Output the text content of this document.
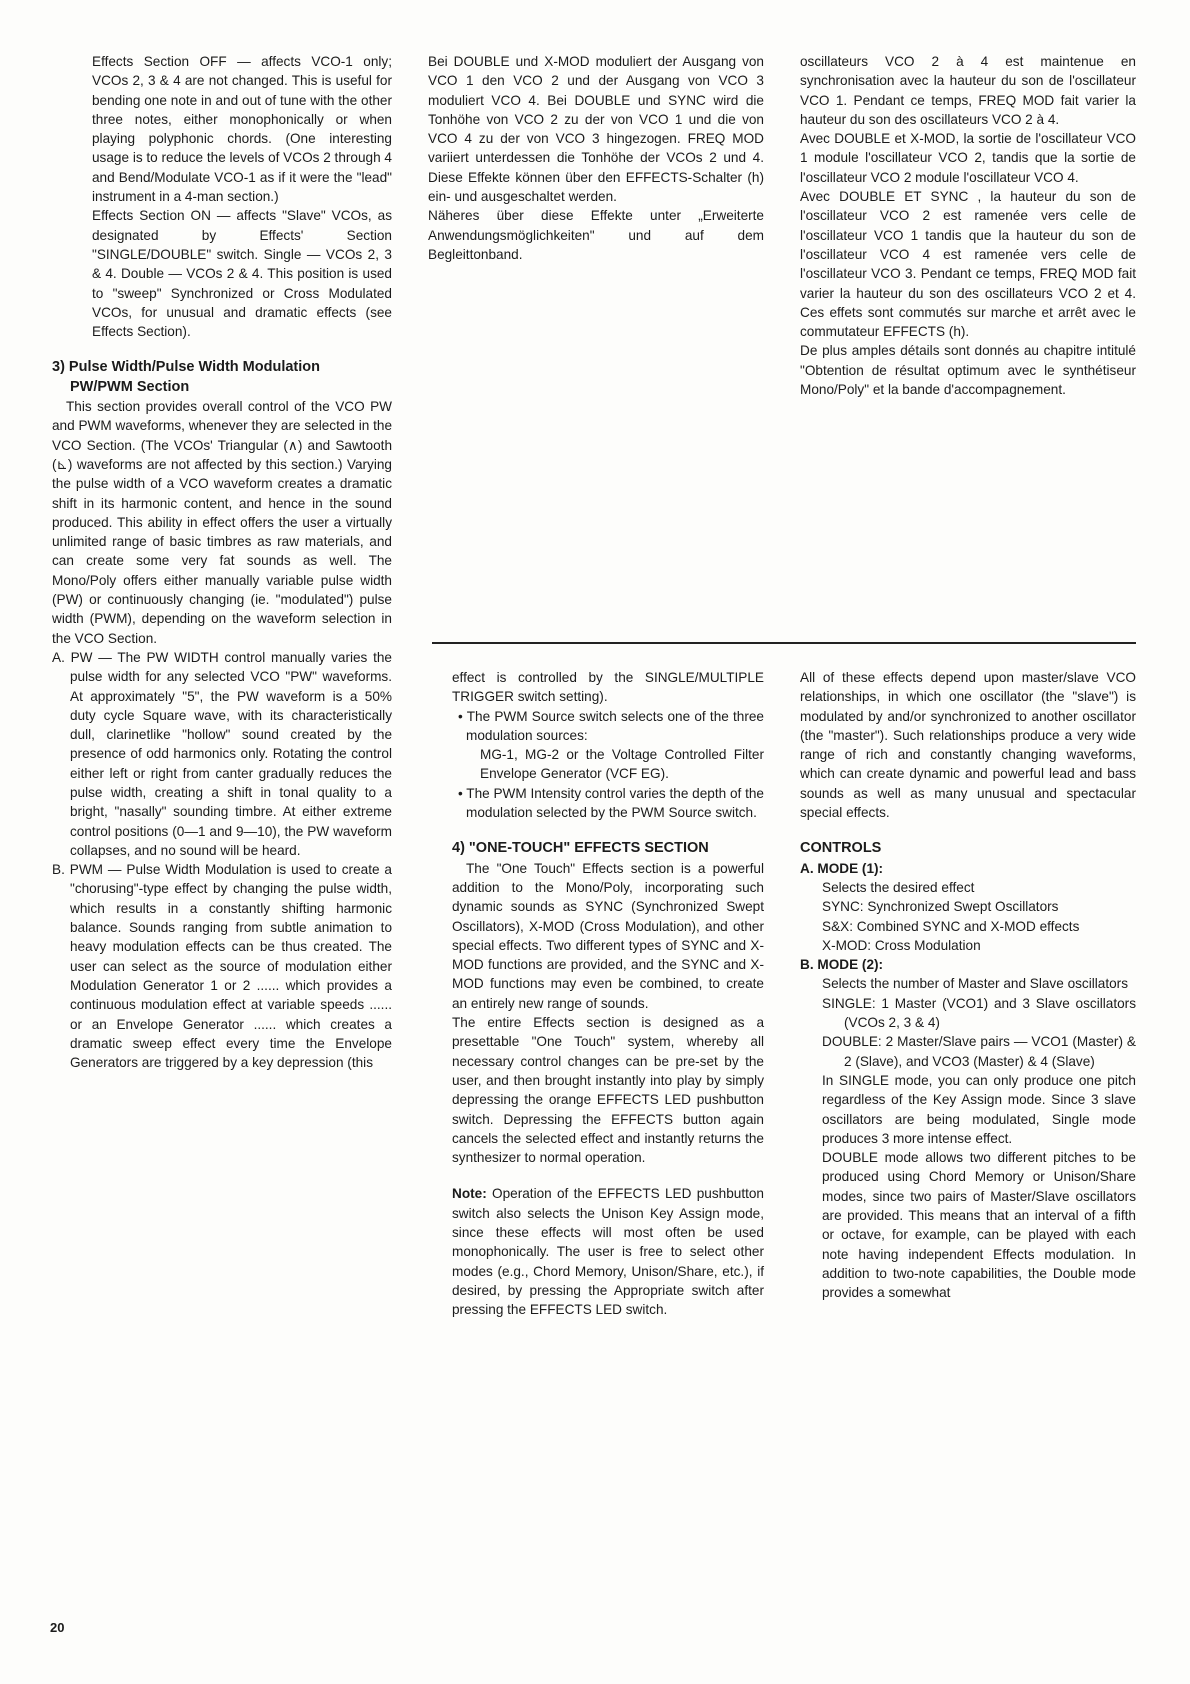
Effects Section OFF — affects VCO-1 only; VCOs 2, 3 & 4 are not changed. This is useful for bending one note in and out of tune with the other three notes, either monophonically or when playing polyphonic chords. (One interesting usage is to reduce the levels of VCOs 2 through 4 and Bend/Modulate VCO-1 as if it were the "lead" instrument in a 4-man section.)

Effects Section ON — affects "Slave" VCOs, as designated by Effects' Section "SINGLE/DOUBLE" switch. Single — VCOs 2, 3 & 4. Double — VCOs 2 & 4. This position is used to "sweep" Synchronized or Cross Modulated VCOs, for unusual and dramatic effects (see Effects Section).

3) Pulse Width/Pulse Width Modulation

PW/PWM Section

This section provides overall control of the VCO PW and PWM waveforms, whenever they are selected in the VCO Section. (The VCOs' Triangular (∧) and Sawtooth (⊾) waveforms are not affected by this section.) Varying the pulse width of a VCO waveform creates a dramatic shift in its harmonic content, and hence in the sound produced. This ability in effect offers the user a virtually unlimited range of basic timbres as raw materials, and can create some very fat sounds as well. The Mono/Poly offers either manually variable pulse width (PW) or continuously changing (ie. "modulated") pulse width (PWM), depending on the waveform selection in the VCO Section.

A. PW — The PW WIDTH control manually varies the pulse width for any selected VCO "PW" waveforms. At approximately "5", the PW waveform is a 50% duty cycle Square wave, with its characteristically dull, clarinetlike "hollow" sound created by the presence of odd harmonics only. Rotating the control either left or right from canter gradually reduces the pulse width, creating a shift in tonal quality to a bright, "nasally" sounding timbre. At either extreme control positions (0—1 and 9—10), the PW waveform collapses, and no sound will be heard.

B. PWM — Pulse Width Modulation is used to create a "chorusing"-type effect by changing the pulse width, which results in a constantly shifting harmonic balance. Sounds ranging from subtle animation to heavy modulation effects can be thus created. The user can select as the source of modulation either Modulation Generator 1 or 2 ...... which provides a continuous modulation effect at variable speeds ...... or an Envelope Generator ...... which creates a dramatic sweep effect every time the Envelope Generators are triggered by a key depression (this

Bei DOUBLE und X-MOD moduliert der Ausgang von VCO 1 den VCO 2 und der Ausgang von VCO 3 moduliert VCO 4. Bei DOUBLE und SYNC wird die Tonhöhe von VCO 2 zu der von VCO 1 und die von VCO 4 zu der von VCO 3 hingezogen. FREQ MOD variiert unterdessen die Tonhöhe der VCOs 2 und 4. Diese Effekte können über den EFFECTS-Schalter (h) ein- und ausgeschaltet werden.

Näheres über diese Effekte unter „Erweiterte Anwendungsmöglichkeiten" und auf dem Begleittonband.

oscillateurs VCO 2 à 4 est maintenue en synchronisation avec la hauteur du son de l'oscillateur VCO 1. Pendant ce temps, FREQ MOD fait varier la hauteur du son des oscillateurs VCO 2 à 4.

Avec DOUBLE et X-MOD, la sortie de l'oscillateur VCO 1 module l'oscillateur VCO 2, tandis que la sortie de l'oscillateur VCO 2 module l'oscillateur VCO 4.

Avec DOUBLE ET SYNC , la hauteur du son de l'oscillateur VCO 2 est ramenée vers celle de l'oscillateur VCO 1 tandis que la hauteur du son de l'oscillateur VCO 4 est ramenée vers celle de l'oscillateur VCO 3. Pendant ce temps, FREQ MOD fait varier la hauteur du son des oscillateurs VCO 2 et 4. Ces effets sont commutés sur marche et arrêt avec le commutateur EFFECTS (h).

De plus amples détails sont donnés au chapitre intitulé "Obtention de résultat optimum avec le synthétiseur Mono/Poly" et la bande d'accompagnement.

effect is controlled by the SINGLE/MULTIPLE TRIGGER switch setting).

• The PWM Source switch selects one of the three modulation sources:

MG-1, MG-2 or the Voltage Controlled Filter Envelope Generator (VCF EG).

• The PWM Intensity control varies the depth of the modulation selected by the PWM Source switch.

4) "ONE-TOUCH" EFFECTS SECTION

The "One Touch" Effects section is a powerful addition to the Mono/Poly, incorporating such dynamic sounds as SYNC (Synchronized Swept Oscillators), X-MOD (Cross Modulation), and other special effects. Two different types of SYNC and X-MOD functions are provided, and the SYNC and X-MOD functions may even be combined, to create an entirely new range of sounds.

The entire Effects section is designed as a presettable "One Touch" system, whereby all necessary control changes can be pre-set by the user, and then brought instantly into play by simply depressing the orange EFFECTS LED pushbutton switch. Depressing the EFFECTS button again cancels the selected effect and instantly returns the synthesizer to normal operation.

Note: Operation of the EFFECTS LED pushbutton switch also selects the Unison Key Assign mode, since these effects will most often be used monophonically. The user is free to select other modes (e.g., Chord Memory, Unison/Share, etc.), if desired, by pressing the Appropriate switch after pressing the EFFECTS LED switch.

All of these effects depend upon master/slave VCO relationships, in which one oscillator (the "slave") is modulated by and/or synchronized to another oscillator (the "master"). Such relationships produce a very wide range of rich and constantly changing waveforms, which can create dynamic and powerful lead and bass sounds as well as many unusual and spectacular special effects.

CONTROLS

A. MODE (1):

Selects the desired effect

SYNC: Synchronized Swept Oscillators

S&X: Combined SYNC and X-MOD effects

X-MOD: Cross Modulation

B. MODE (2):

Selects the number of Master and Slave oscillators

SINGLE: 1 Master (VCO1) and 3 Slave oscillators (VCOs 2, 3 & 4)

DOUBLE: 2 Master/Slave pairs — VCO1 (Master) & 2 (Slave), and VCO3 (Master) & 4 (Slave)

In SINGLE mode, you can only produce one pitch regardless of the Key Assign mode. Since 3 slave oscillators are being modulated, Single mode produces 3 more intense effect.

DOUBLE mode allows two different pitches to be produced using Chord Memory or Unison/Share modes, since two pairs of Master/Slave oscillators are provided. This means that an interval of a fifth or octave, for example, can be played with each note having independent Effects modulation. In addition to two-note capabilities, the Double mode provides a somewhat

20
